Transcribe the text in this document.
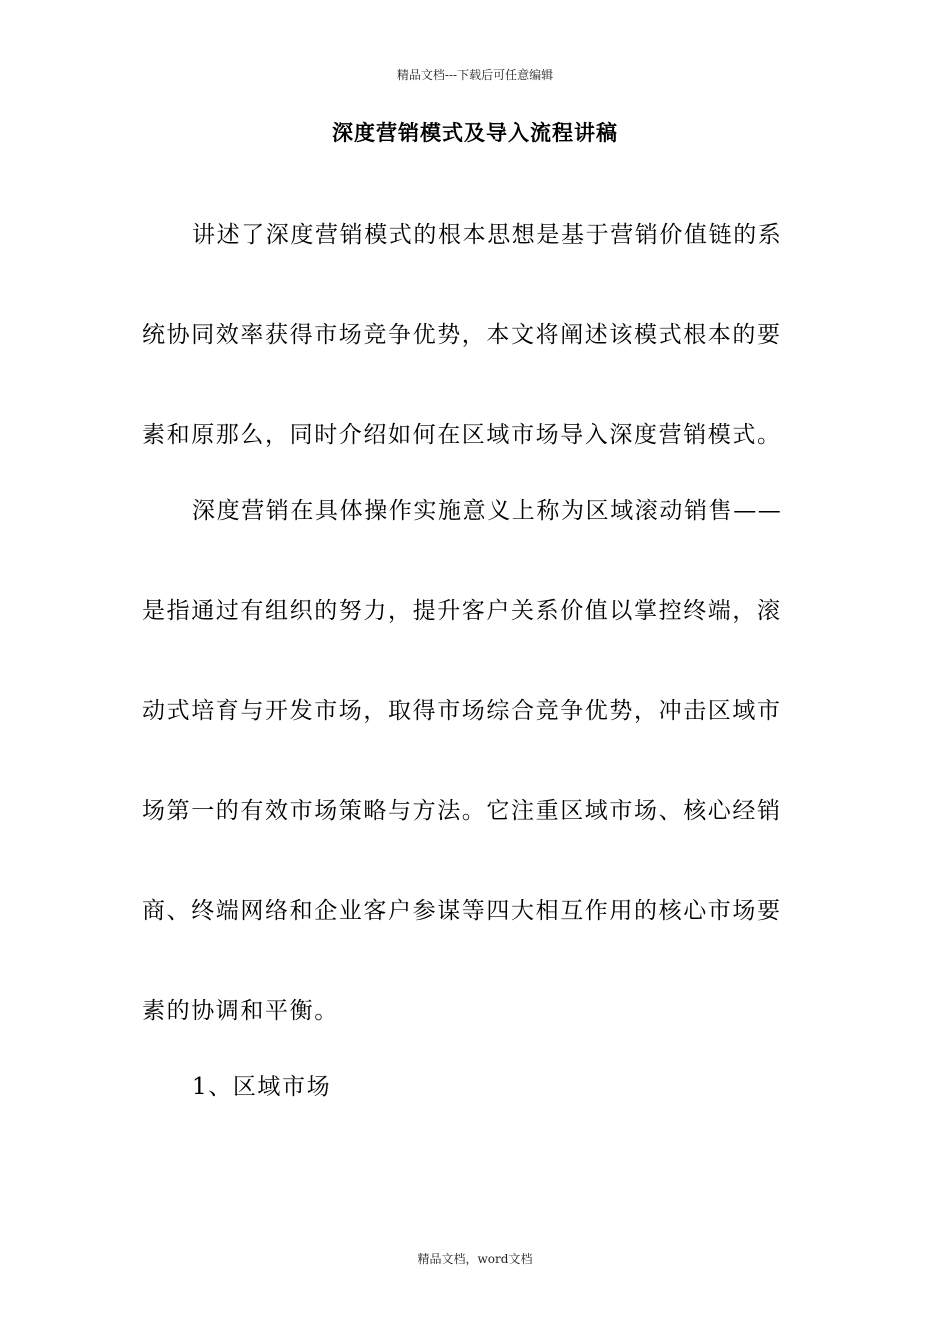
精品文档---下载后可任意编辑
深度营销模式及导入流程讲稿
讲述了深度营销模式的根本思想是基于营销价值链的系
统协同效率获得市场竞争优势，本文将阐述该模式根本的要
素和原那么，同时介绍如何在区域市场导入深度营销模式。
深度营销在具体操作实施意义上称为区域滚动销售——
是指通过有组织的努力，提升客户关系价值以掌控终端，滚
动式培育与开发市场，取得市场综合竞争优势，冲击区域市
场第一的有效市场策略与方法。它注重区域市场、核心经销
商、终端网络和企业客户参谋等四大相互作用的核心市场要
素的协调和平衡。
1、区域市场
精品文档，word文档
